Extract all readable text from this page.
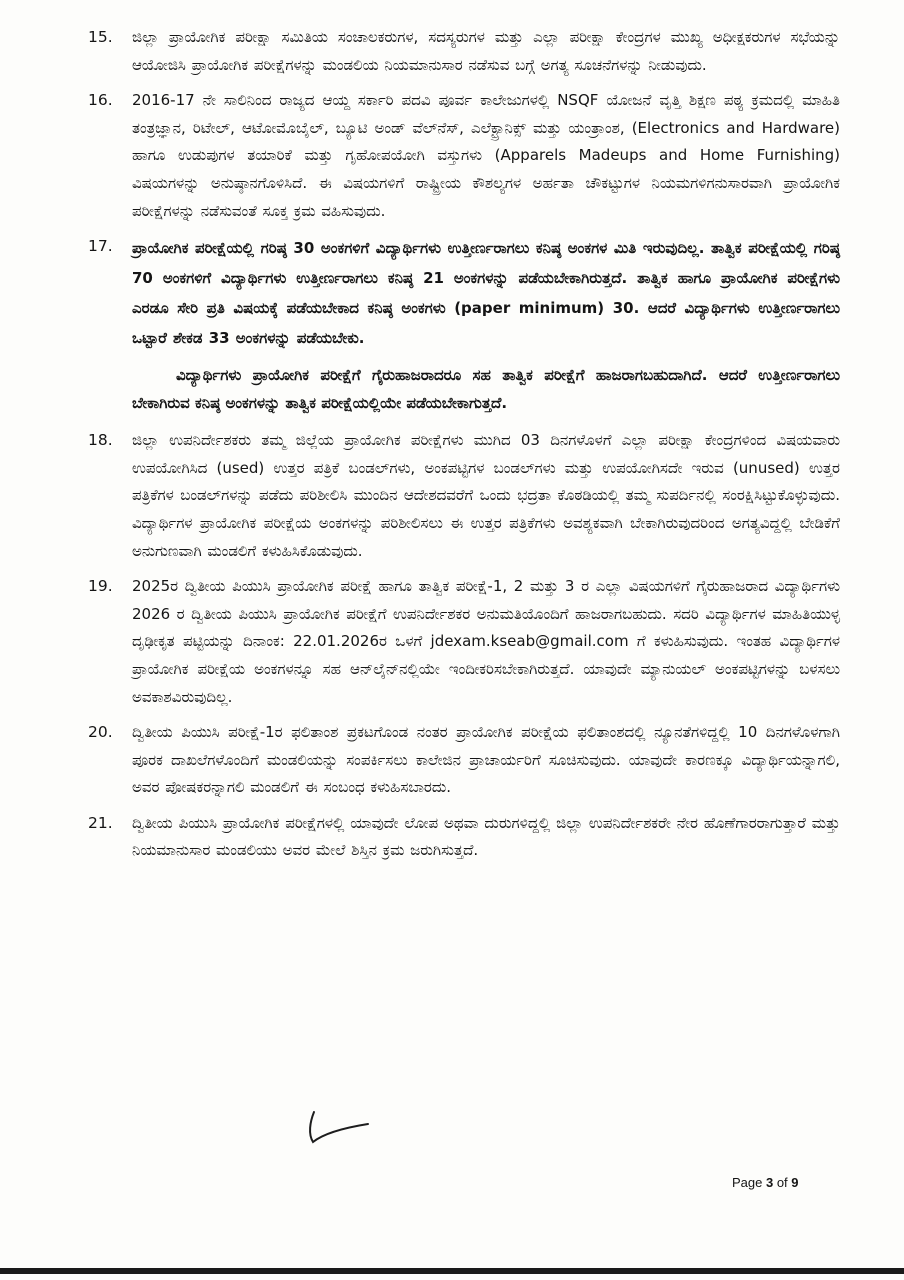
15.	ಜಿಲ್ಲಾ ಪ್ರಾಯೋಗಿಕ ಪರೀಕ್ಷಾ ಸಮಿತಿಯ ಸಂಚಾಲಕರುಗಳ, ಸದಸ್ಯರುಗಳ ಮತ್ತು ಎಲ್ಲಾ ಪರೀಕ್ಷಾ ಕೇಂದ್ರಗಳ ಮುಖ್ಯ ಅಧೀಕ್ಷಕರುಗಳ ಸಭೆಯನ್ನು ಆಯೋಜಿಸಿ ಪ್ರಾಯೋಗಿಕ ಪರೀಕ್ಷೆಗಳನ್ನು ಮಂಡಲಿಯ ನಿಯಮಾನುಸಾರ ನಡೆಸುವ ಬಗ್ಗೆ ಅಗತ್ಯ ಸೂಚನೆಗಳನ್ನು ನೀಡುವುದು.
16.	2016-17 ನೇ ಸಾಲಿನಿಂದ ರಾಜ್ಯದ ಆಯ್ದ ಸರ್ಕಾರಿ ಪದವಿ ಪೂರ್ವ ಕಾಲೇಜುಗಳಲ್ಲಿ NSQF ಯೋಜನೆ ವೃತ್ತಿ ಶಿಕ್ಷಣ ಪಠ್ಯ ಕ್ರಮದಲ್ಲಿ ಮಾಹಿತಿ ತಂತ್ರಜ್ಞಾನ, ರಿಟೇಲ್, ಆಟೋಮೊಬೈಲ್, ಬ್ಯೂಟಿ ಅಂಡ್ ವೆಲ್‌ನೆಸ್, ಎಲೆಕ್ಟ್ರಾನಿಕ್ಸ್ ಮತ್ತು ಯಂತ್ರಾಂಶ, (Electronics and Hardware) ಹಾಗೂ ಉಡುಪುಗಳ ತಯಾರಿಕೆ ಮತ್ತು ಗೃಹೋಪಯೋಗಿ ವಸ್ತುಗಳು (Apparels Madeups and Home Furnishing) ವಿಷಯಗಳನ್ನು ಅನುಷ್ಠಾನಗೊಳಿಸಿದೆ. ಈ ವಿಷಯಗಳಿಗೆ ರಾಷ್ಟ್ರೀಯ ಕೌಶಲ್ಯಗಳ ಅರ್ಹತಾ ಚೌಕಟ್ಟುಗಳ ನಿಯಮಗಳಿಗನುಸಾರವಾಗಿ ಪ್ರಾಯೋಗಿಕ ಪರೀಕ್ಷೆಗಳನ್ನು ನಡೆಸುವಂತೆ ಸೂಕ್ತ ಕ್ರಮ ವಹಿಸುವುದು.
17.	ಪ್ರಾಯೋಗಿಕ ಪರೀಕ್ಷೆಯಲ್ಲಿ ಗರಿಷ್ಠ 30 ಅಂಕಗಳಿಗೆ ವಿದ್ಯಾರ್ಥಿಗಳು ಉತ್ತೀರ್ಣರಾಗಲು ಕನಿಷ್ಠ ಅಂಕಗಳ ಮಿತಿ ಇರುವುದಿಲ್ಲ. ತಾತ್ವಿಕ ಪರೀಕ್ಷೆಯಲ್ಲಿ ಗರಿಷ್ಠ 70 ಅಂಕಗಳಿಗೆ ವಿದ್ಯಾರ್ಥಿಗಳು ಉತ್ತೀರ್ಣರಾಗಲು ಕನಿಷ್ಠ 21 ಅಂಕಗಳನ್ನು ಪಡೆಯಬೇಕಾಗಿರುತ್ತದೆ. ತಾತ್ವಿಕ ಹಾಗೂ ಪ್ರಾಯೋಗಿಕ ಪರೀಕ್ಷೆಗಳು ಎರಡೂ ಸೇರಿ ಪ್ರತಿ ವಿಷಯಕ್ಕೆ ಪಡೆಯಬೇಕಾದ ಕನಿಷ್ಠ ಅಂಕಗಳು (paper minimum) 30. ಆದರೆ ವಿದ್ಯಾರ್ಥಿಗಳು ಉತ್ತೀರ್ಣರಾಗಲು ಒಟ್ಟಾರೆ ಶೇಕಡ 33 ಅಂಕಗಳನ್ನು ಪಡೆಯಬೇಕು.
ವಿದ್ಯಾರ್ಥಿಗಳು ಪ್ರಾಯೋಗಿಕ ಪರೀಕ್ಷೆಗೆ ಗೈರುಹಾಜರಾದರೂ ಸಹ ತಾತ್ವಿಕ ಪರೀಕ್ಷೆಗೆ ಹಾಜರಾಗಬಹುದಾಗಿದೆ. ಆದರೆ ಉತ್ತೀರ್ಣರಾಗಲು ಬೇಕಾಗಿರುವ ಕನಿಷ್ಠ ಅಂಕಗಳನ್ನು ತಾತ್ವಿಕ ಪರೀಕ್ಷೆಯಲ್ಲಿಯೇ ಪಡೆಯಬೇಕಾಗುತ್ತದೆ.
18.	ಜಿಲ್ಲಾ ಉಪನಿರ್ದೇಶಕರು ತಮ್ಮ ಜಿಲ್ಲೆಯ ಪ್ರಾಯೋಗಿಕ ಪರೀಕ್ಷೆಗಳು ಮುಗಿದ 03 ದಿನಗಳೊಳಗೆ ಎಲ್ಲಾ ಪರೀಕ್ಷಾ ಕೇಂದ್ರಗಳಿಂದ ವಿಷಯವಾರು ಉಪಯೋಗಿಸಿದ (used) ಉತ್ತರ ಪತ್ರಿಕೆ ಬಂಡಲ್‌ಗಳು, ಅಂಕಪಟ್ಟಿಗಳ ಬಂಡಲ್‌ಗಳು ಮತ್ತು ಉಪಯೋಗಿಸದೇ ಇರುವ (unused) ಉತ್ತರ ಪತ್ರಿಕೆಗಳ ಬಂಡಲ್‌ಗಳನ್ನು ಪಡೆದು ಪರಿಶೀಲಿಸಿ ಮುಂದಿನ ಆದೇಶದವರೆಗೆ ಒಂದು ಭದ್ರತಾ ಕೊಠಡಿಯಲ್ಲಿ ತಮ್ಮ ಸುಪರ್ದಿನಲ್ಲಿ ಸಂರಕ್ಷಿಸಿಟ್ಟುಕೊಳ್ಳುವುದು. ವಿದ್ಯಾರ್ಥಿಗಳ ಪ್ರಾಯೋಗಿಕ ಪರೀಕ್ಷೆಯ ಅಂಕಗಳನ್ನು ಪರಿಶೀಲಿಸಲು ಈ ಉತ್ತರ ಪತ್ರಿಕೆಗಳು ಅವಶ್ಯಕವಾಗಿ ಬೇಕಾಗಿರುವುದರಿಂದ ಅಗತ್ಯವಿದ್ದಲ್ಲಿ ಬೇಡಿಕೆಗೆ ಅನುಗುಣವಾಗಿ ಮಂಡಲಿಗೆ ಕಳುಹಿಸಿಕೊಡುವುದು.
19.	2025ರ ದ್ವಿತೀಯ ಪಿಯುಸಿ ಪ್ರಾಯೋಗಿಕ ಪರೀಕ್ಷೆ ಹಾಗೂ ತಾತ್ವಿಕ ಪರೀಕ್ಷೆ-1, 2 ಮತ್ತು 3 ರ ಎಲ್ಲಾ ವಿಷಯಗಳಿಗೆ ಗೈರುಹಾಜರಾದ ವಿದ್ಯಾರ್ಥಿಗಳು 2026 ರ ದ್ವಿತೀಯ ಪಿಯುಸಿ ಪ್ರಾಯೋಗಿಕ ಪರೀಕ್ಷೆಗೆ ಉಪನಿರ್ದೇಶಕರ ಅನುಮತಿಯೊಂದಿಗೆ ಹಾಜರಾಗಬಹುದು. ಸದರಿ ವಿದ್ಯಾರ್ಥಿಗಳ ಮಾಹಿತಿಯುಳ್ಳ ದೃಢೀಕೃತ ಪಟ್ಟಿಯನ್ನು ದಿನಾಂಕ: 22.01.2026ರ ಒಳಗೆ jdexam.kseab@gmail.com ಗೆ ಕಳುಹಿಸುವುದು. ಇಂತಹ ವಿದ್ಯಾರ್ಥಿಗಳ ಪ್ರಾಯೋಗಿಕ ಪರೀಕ್ಷೆಯ ಅಂಕಗಳನ್ನೂ ಸಹ ಆನ್‌ಲೈನ್‌ನಲ್ಲಿಯೇ ಇಂದೀಕರಿಸಬೇಕಾಗಿರುತ್ತದೆ. ಯಾವುದೇ ಮ್ಯಾನುಯಲ್ ಅಂಕಪಟ್ಟಿಗಳನ್ನು ಬಳಸಲು ಅವಕಾಶವಿರುವುದಿಲ್ಲ.
20.	ದ್ವಿತೀಯ ಪಿಯುಸಿ ಪರೀಕ್ಷೆ-1ರ ಫಲಿತಾಂಶ ಪ್ರಕಟಗೊಂಡ ನಂತರ ಪ್ರಾಯೋಗಿಕ ಪರೀಕ್ಷೆಯ ಫಲಿತಾಂಶದಲ್ಲಿ ನ್ಯೂನತೆಗಳಿದ್ದಲ್ಲಿ 10 ದಿನಗಳೊಳಗಾಗಿ ಪೂರಕ ದಾಖಲೆಗಳೊಂದಿಗೆ ಮಂಡಲಿಯನ್ನು ಸಂಪರ್ಕಿಸಲು ಕಾಲೇಜಿನ ಪ್ರಾಚಾರ್ಯರಿಗೆ ಸೂಚಿಸುವುದು. ಯಾವುದೇ ಕಾರಣಕ್ಕೂ ವಿದ್ಯಾರ್ಥಿಯನ್ನಾಗಲಿ, ಅವರ ಪೋಷಕರನ್ನಾಗಲಿ ಮಂಡಲಿಗೆ ಈ ಸಂಬಂಧ ಕಳುಹಿಸಬಾರದು.
21.	ದ್ವಿತೀಯ ಪಿಯುಸಿ ಪ್ರಾಯೋಗಿಕ ಪರೀಕ್ಷೆಗಳಲ್ಲಿ ಯಾವುದೇ ಲೋಪ ಅಥವಾ ದುರುಗಳಿದ್ದಲ್ಲಿ ಜಿಲ್ಲಾ ಉಪನಿರ್ದೇಶಕರೇ ನೇರ ಹೊಣೆಗಾರರಾಗುತ್ತಾರೆ ಮತ್ತು ನಿಯಮಾನುಸಾರ ಮಂಡಲಿಯು ಅವರ ಮೇಲೆ ಶಿಸ್ತಿನ ಕ್ರಮ ಜರುಗಿಸುತ್ತದೆ.
Page 3 of 9
